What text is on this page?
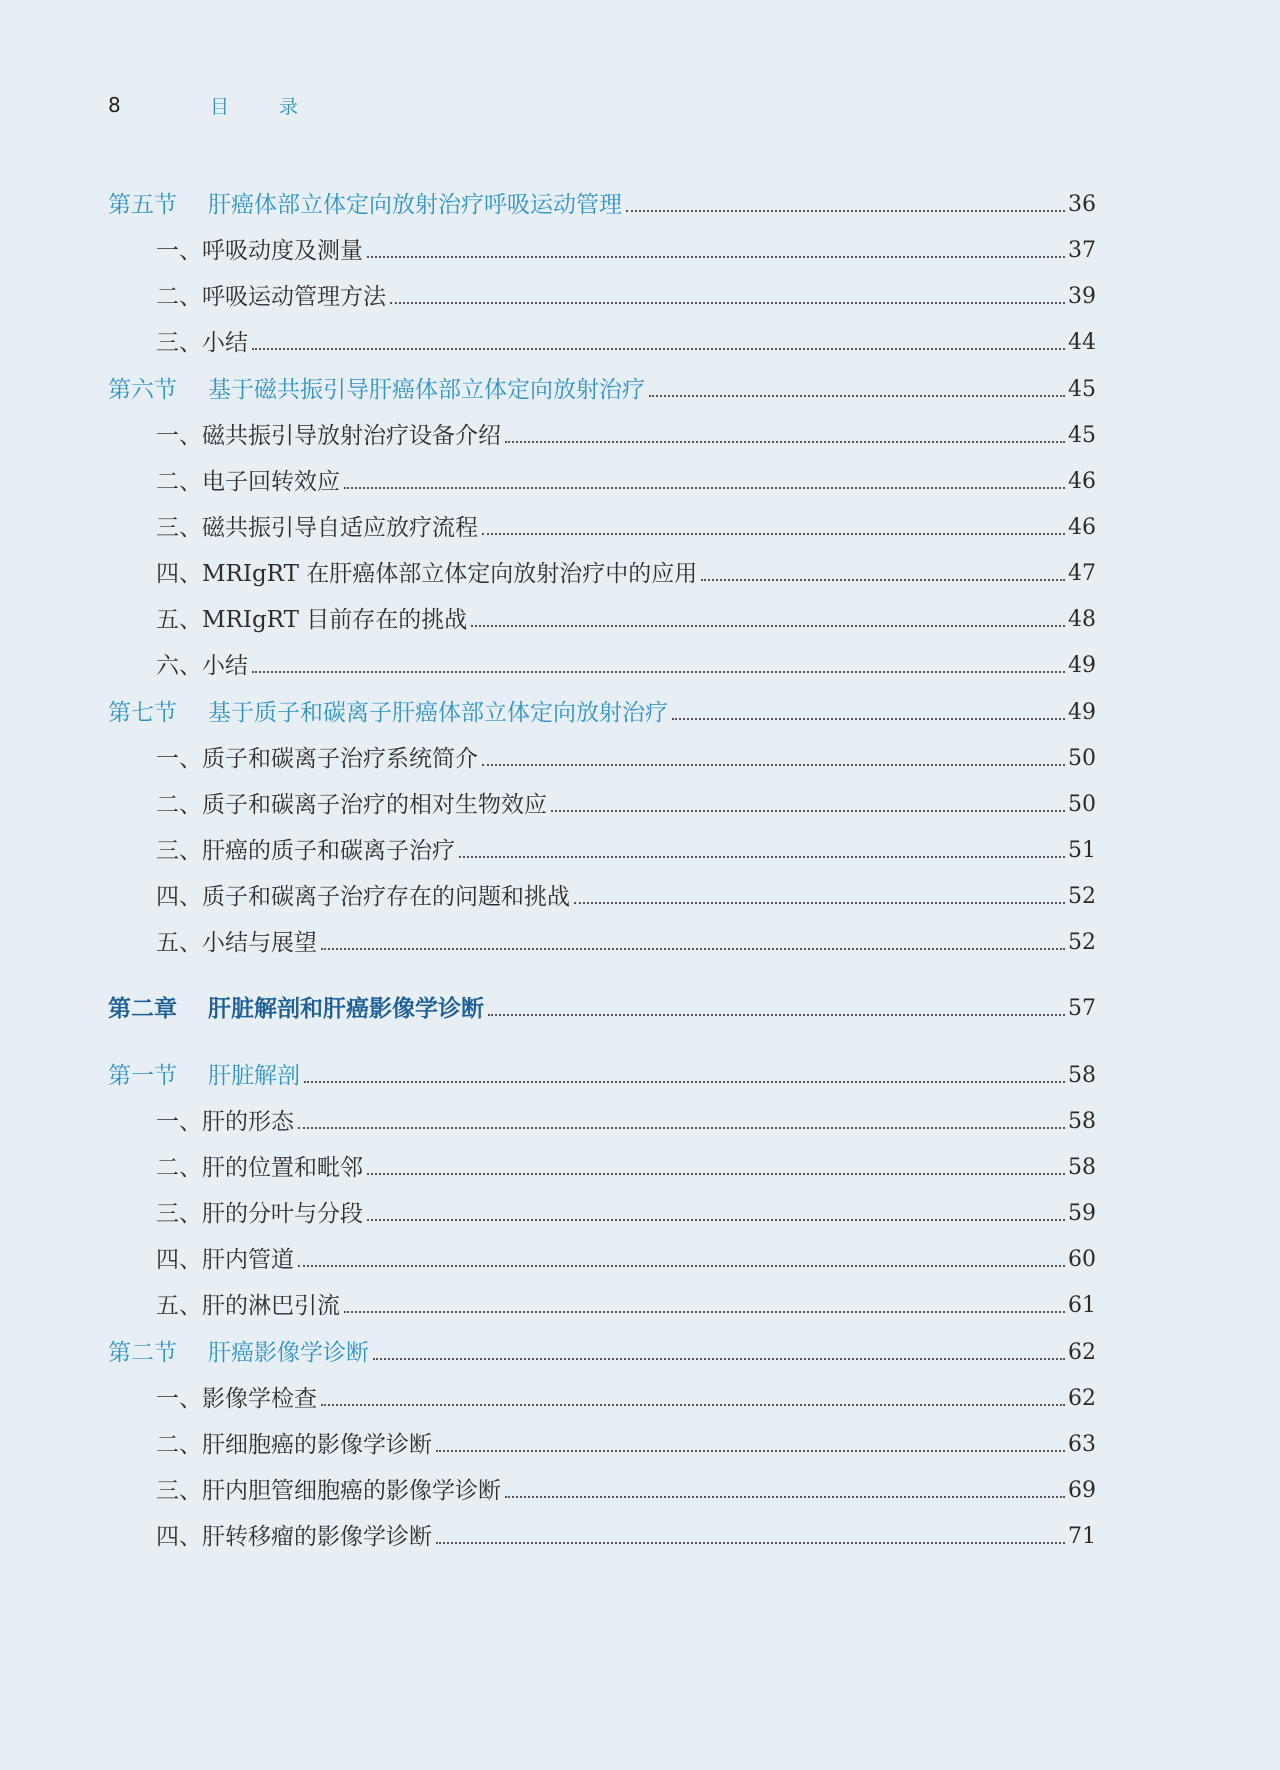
8	目 录
第五节 肝癌体部立体定向放射治疗呼吸运动管理	36
一、呼吸动度及测量	37
二、呼吸运动管理方法	39
三、小结	44
第六节 基于磁共振引导肝癌体部立体定向放射治疗	45
一、磁共振引导放射治疗设备介绍	45
二、电子回转效应	46
三、磁共振引导自适应放疗流程	46
四、MRIgRT 在肝癌体部立体定向放射治疗中的应用	47
五、MRIgRT 目前存在的挑战	48
六、小结	49
第七节 基于质子和碳离子肝癌体部立体定向放射治疗	49
一、质子和碳离子治疗系统简介	50
二、质子和碳离子治疗的相对生物效应	50
三、肝癌的质子和碳离子治疗	51
四、质子和碳离子治疗存在的问题和挑战	52
五、小结与展望	52
第二章 肝脏解剖和肝癌影像学诊断	57
第一节 肝脏解剖	58
一、肝的形态	58
二、肝的位置和毗邻	58
三、肝的分叶与分段	59
四、肝内管道	60
五、肝的淋巴引流	61
第二节 肝癌影像学诊断	62
一、影像学检查	62
二、肝细胞癌的影像学诊断	63
三、肝内胆管细胞癌的影像学诊断	69
四、肝转移瘤的影像学诊断	71
